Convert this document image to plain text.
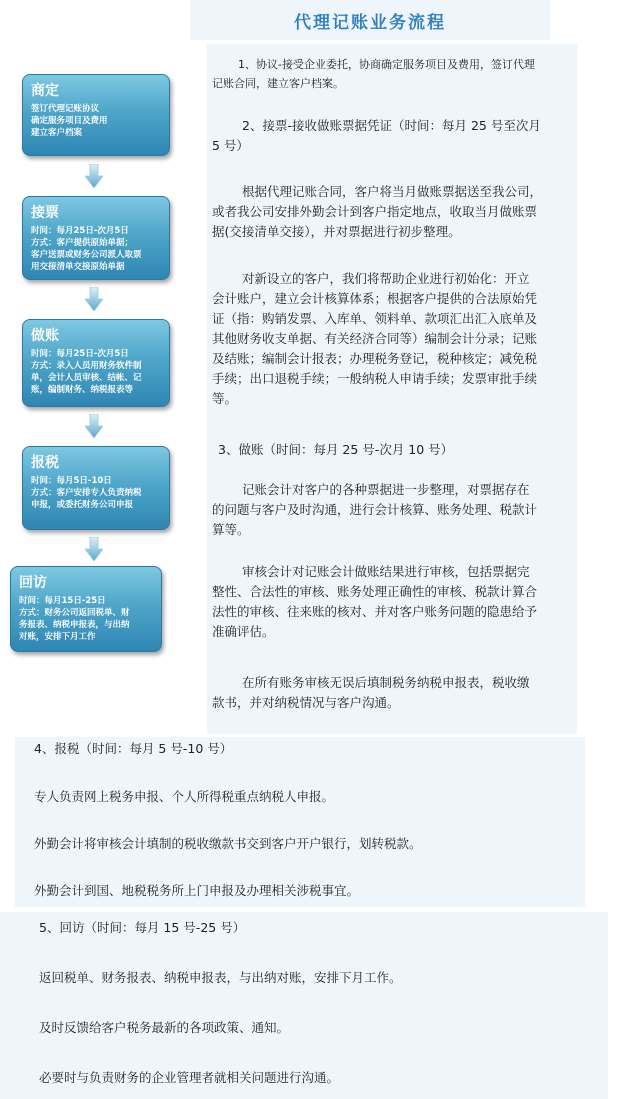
代理记账业务流程
1、协议-接受企业委托，协商确定服务项目及费用，签订代理
记账合同，建立客户档案。
2、接票-接收做账票据凭证（时间：每月 25 号至次月
5 号）
根据代理记账合同，客户将当月做账票据送至我公司，
或者我公司安排外勤会计到客户指定地点，收取当月做账票
据(交接清单交接），并对票据进行初步整理。
对新设立的客户，我们将帮助企业进行初始化：开立
会计账户，建立会计核算体系；根据客户提供的合法原始凭
证（指：购销发票、入库单、领料单、款项汇出汇入底单及
其他财务收支单据、有关经济合同等）编制会计分录；记账
及结账；编制会计报表；办理税务登记，税种核定；减免税
手续；出口退税手续；一般纳税人申请手续；发票审批手续
等。
3、做账（时间：每月 25 号-次月 10 号）
记账会计对客户的各种票据进一步整理，对票据存在
的问题与客户及时沟通，进行会计核算、账务处理、税款计
算等。
审核会计对记账会计做账结果进行审核，包括票据完
整性、合法性的审核、账务处理正确性的审核、税款计算合
法性的审核、往来账的核对、并对客户账务问题的隐患给予
准确评估。
在所有账务审核无误后填制税务纳税申报表，税收缴
款书，并对纳税情况与客户沟通。
商定
签订代理记账协议
确定服务项目及费用
建立客户档案
接票
时间：每月25日-次月5日
方式：客户提供原始单据；
客户送票或财务公司派人取票
用交接清单交接原始单据
做账
时间：每月25日-次月5日
方式：录入人员用财务软件制
单，会计人员审核、结帐、记
账，编制财务、纳税报表等
报税
时间：每月5日-10日
方式：客户安排专人负责纳税
申报，或委托财务公司申报
回访
时间：每月15日-25日
方式：财务公司返回税单、财
务报表、纳税申报表，与出纳
对账，安排下月工作
4、报税（时间：每月 5 号-10 号）
专人负责网上税务申报、个人所得税重点纳税人申报。
外勤会计将审核会计填制的税收缴款书交到客户开户银行，划转税款。
外勤会计到国、地税税务所上门申报及办理相关涉税事宜。
5、回访（时间：每月 15 号-25 号）
返回税单、财务报表、纳税申报表，与出纳对账，安排下月工作。
及时反馈给客户税务最新的各项政策、通知。
必要时与负责财务的企业管理者就相关问题进行沟通。
